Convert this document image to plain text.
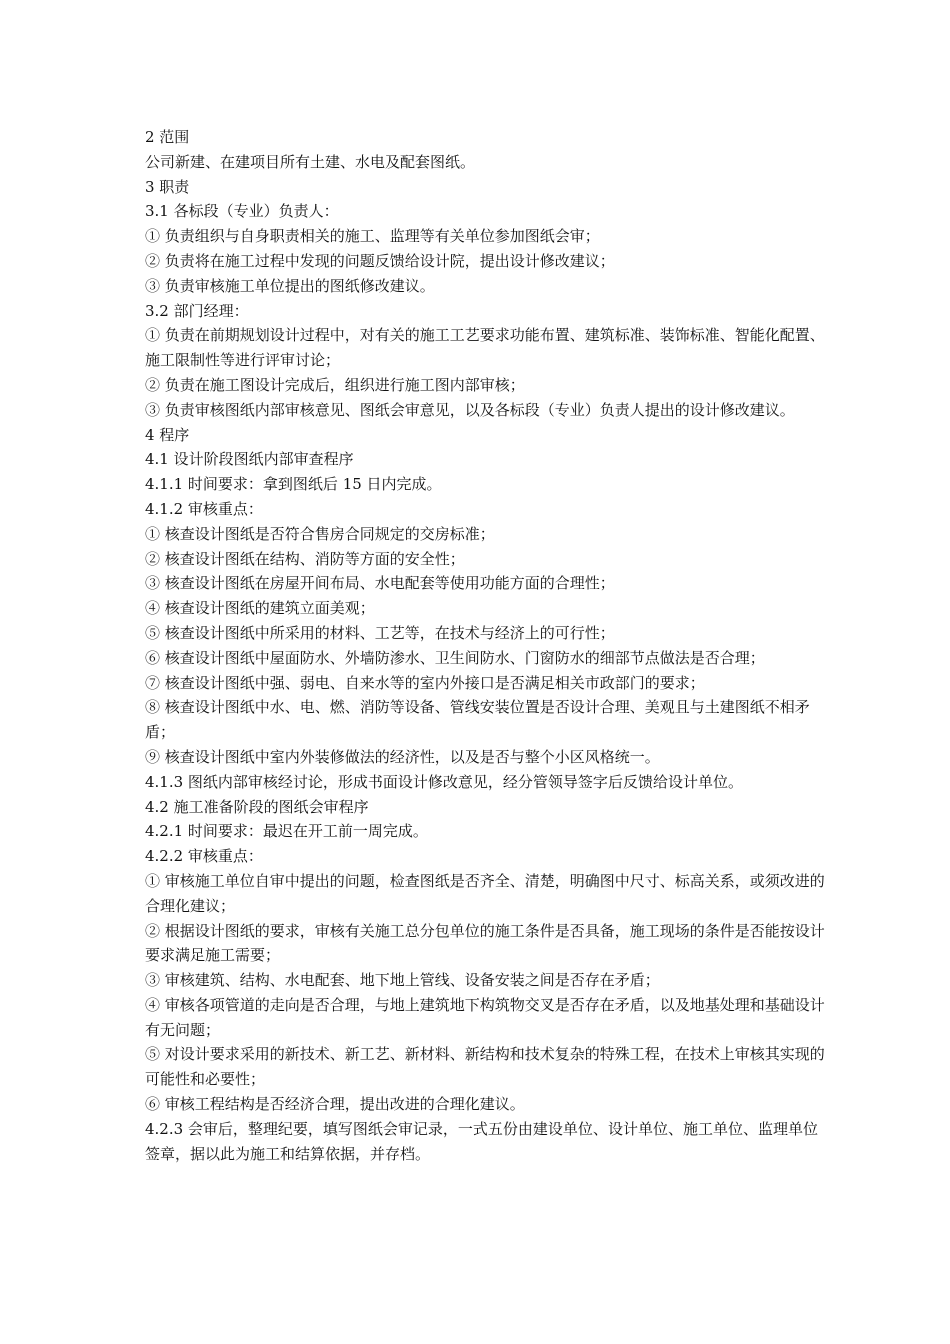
2 范围
公司新建、在建项目所有土建、水电及配套图纸。
3 职责
3.1 各标段（专业）负责人：
① 负责组织与自身职责相关的施工、监理等有关单位参加图纸会审；
② 负责将在施工过程中发现的问题反馈给设计院，提出设计修改建议；
③ 负责审核施工单位提出的图纸修改建议。
3.2 部门经理：
① 负责在前期规划设计过程中，对有关的施工工艺要求功能布置、建筑标准、装饰标准、智能化配置、施工限制性等进行评审讨论；
② 负责在施工图设计完成后，组织进行施工图内部审核；
③ 负责审核图纸内部审核意见、图纸会审意见，以及各标段（专业）负责人提出的设计修改建议。
4 程序
4.1 设计阶段图纸内部审查程序
4.1.1 时间要求：拿到图纸后 15 日内完成。
4.1.2 审核重点：
① 核查设计图纸是否符合售房合同规定的交房标准；
② 核查设计图纸在结构、消防等方面的安全性；
③ 核查设计图纸在房屋开间布局、水电配套等使用功能方面的合理性；
④ 核查设计图纸的建筑立面美观；
⑤ 核查设计图纸中所采用的材料、工艺等，在技术与经济上的可行性；
⑥ 核查设计图纸中屋面防水、外墙防渗水、卫生间防水、门窗防水的细部节点做法是否合理；
⑦ 核查设计图纸中强、弱电、自来水等的室内外接口是否满足相关市政部门的要求；
⑧ 核查设计图纸中水、电、燃、消防等设备、管线安装位置是否设计合理、美观且与土建图纸不相矛盾；
⑨ 核查设计图纸中室内外装修做法的经济性，以及是否与整个小区风格统一。
4.1.3 图纸内部审核经讨论，形成书面设计修改意见，经分管领导签字后反馈给设计单位。
4.2 施工准备阶段的图纸会审程序
4.2.1 时间要求：最迟在开工前一周完成。
4.2.2 审核重点：
① 审核施工单位自审中提出的问题，检查图纸是否齐全、清楚，明确图中尺寸、标高关系，或须改进的合理化建议；
② 根据设计图纸的要求，审核有关施工总分包单位的施工条件是否具备，施工现场的条件是否能按设计要求满足施工需要；
③ 审核建筑、结构、水电配套、地下地上管线、设备安装之间是否存在矛盾；
④ 审核各项管道的走向是否合理，与地上建筑地下构筑物交叉是否存在矛盾，以及地基处理和基础设计有无问题；
⑤ 对设计要求采用的新技术、新工艺、新材料、新结构和技术复杂的特殊工程，在技术上审核其实现的可能性和必要性；
⑥ 审核工程结构是否经济合理，提出改进的合理化建议。
4.2.3 会审后，整理纪要，填写图纸会审记录，一式五份由建设单位、设计单位、施工单位、监理单位签章，据以此为施工和结算依据，并存档。
